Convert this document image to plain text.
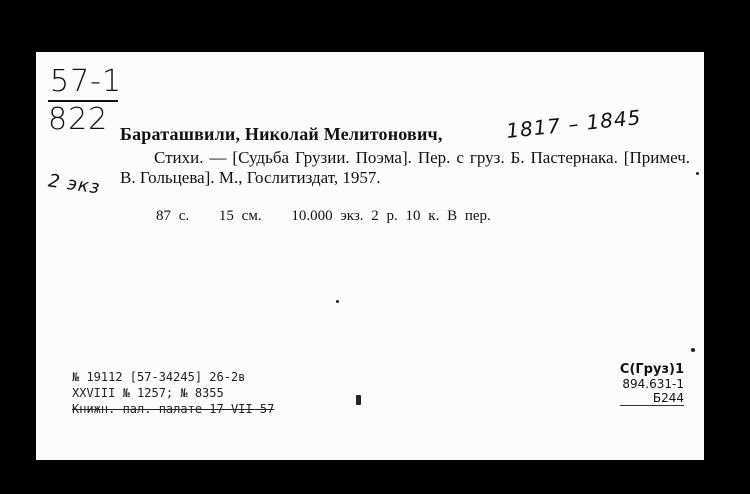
57-1
822
2 экз
Бараташвили, Николай Мелитонович,	1817 – 1845
Стихи. — [Судьба Грузии. Поэма]. Пер. с груз. Б. Пастернака. [Примеч. В. Гольцева]. М., Гослитиздат, 1957.
87 с. 15 см. 10.000 экз. 2 р. 10 к. В пер.
№ 19112 [57-34245] 26-2в
XXVIII № 1257; № 8355
Книжн. пал. палате 17 VII 57
С(Груз)1
894.631-1
Б244
